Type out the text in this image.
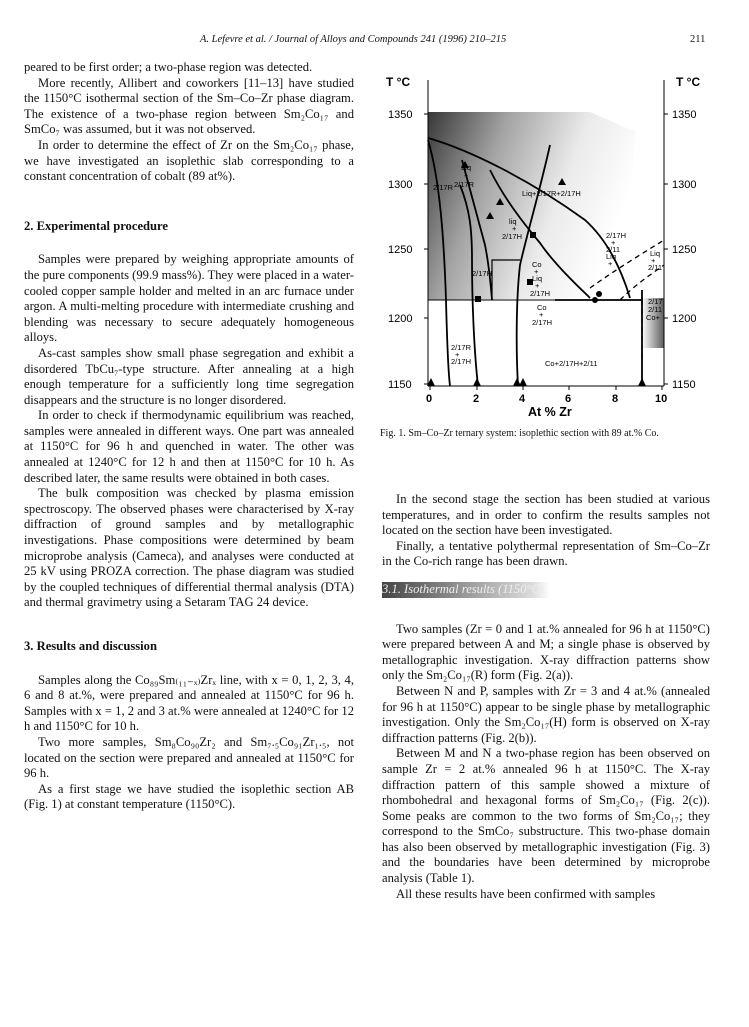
A. Lefevre et al. / Journal of Alloys and Compounds 241 (1996) 210–215	211

peared to be first order; a two-phase region was detected.

More recently, Allibert and coworkers [11–13] have studied the 1150°C isothermal section of the Sm–Co–Zr phase diagram. The existence of a two-phase region between Sm₂Co₁₇ and SmCo₇ was assumed, but it was not observed.

In order to determine the effect of Zr on the Sm₂Co₁₇ phase, we have investigated an isoplethic slab corresponding to a constant concentration of cobalt (89 at%).

2. Experimental procedure

Samples were prepared by weighing appropriate amounts of the pure components (99.9 mass%). They were placed in a water-cooled copper sample holder and melted in an arc furnace under argon. A multi-melting procedure with intermediate crushing and blending was necessary to secure adequately homogeneous alloys.

As-cast samples show small phase segregation and exhibit a disordered TbCu₇-type structure. After annealing at a high enough temperature for a sufficiently long time segregation disappears and the structure is no longer disordered.

In order to check if thermodynamic equilibrium was reached, samples were annealed in different ways. One part was annealed at 1150°C for 96 h and quenched in water. The other was annealed at 1240°C for 12 h and then at 1150°C for 10 h. As described later, the same results were obtained in both cases.

The bulk composition was checked by plasma emission spectroscopy. The observed phases were characterised by X-ray diffraction of ground samples and by metallographic investigations. Phase compositions were determined by beam microprobe analysis (Cameca), and analyses were conducted at 25 kV using PROZA correction. The phase diagram was studied by the coupled techniques of differential thermal analysis (DTA) and thermal gravimetry using a Setaram TAG 24 device.

3. Results and discussion

Samples along the Co₈₉Sm₍₁₁₋ₓ₎Zrₓ line, with x = 0, 1, 2, 3, 4, 6 and 8 at.%, were prepared and annealed at 1150°C for 96 h. Samples with x = 1, 2 and 3 at.% were annealed at 1240°C for 12 h and 1150°C for 10 h.

Two more samples, Sm₈Co₉₀Zr₂ and Sm₇.₅Co₉₁Zr₁.₅, not located on the section were prepared and annealed at 1150°C for 96 h.

As a first stage we have studied the isoplethic section AB (Fig. 1) at constant temperature (1150°C).

T °C	T °C
1350
1300
1250
1200
1150
1350
1300
1250
1200
1150
0	2	4	6	8	10
At % Zr
Liq
+
2/17R
2/17R
Liq+2/17R+2/17H
liq
+
2/17H
2/17H
Co
+
Liq
+
2/17H
Co
+
2/17H
2/17H
+
2/11
Liq
+
Liq
+
2/11
2/17R
+
2/17H	Co+2/17H+2/11
2/17
2/11
Co+

Fig. 1. Sm–Co–Zr ternary system: isoplethic section with 89 at.% Co.

In the second stage the section has been studied at various temperatures, and in order to confirm the results samples not located on the section have been investigated.

Finally, a tentative polythermal representation of Sm–Co–Zr in the Co-rich range has been drawn.

3.1. Isothermal results (1150°C)

Two samples (Zr = 0 and 1 at.% annealed for 96 h at 1150°C) were prepared between A and M; a single phase is observed by metallographic investigation. X-ray diffraction patterns show only the Sm₂Co₁₇(R) form (Fig. 2(a)).

Between N and P, samples with Zr = 3 and 4 at.% (annealed for 96 h at 1150°C) appear to be single phase by metallographic investigation. Only the Sm₂Co₁₇(H) form is observed on X-ray diffraction patterns (Fig. 2(b)).

Between M and N a two-phase region has been observed on sample Zr = 2 at.% annealed 96 h at 1150°C. The X-ray diffraction pattern of this sample showed a mixture of rhombohedral and hexagonal forms of Sm₂Co₁₇ (Fig. 2(c)). Some peaks are common to the two forms of Sm₂Co₁₇; they correspond to the SmCo₇ substructure. This two-phase domain has also been observed by metallographic investigation (Fig. 3) and the boundaries have been determined by microprobe analysis (Table 1).

All these results have been confirmed with samples
